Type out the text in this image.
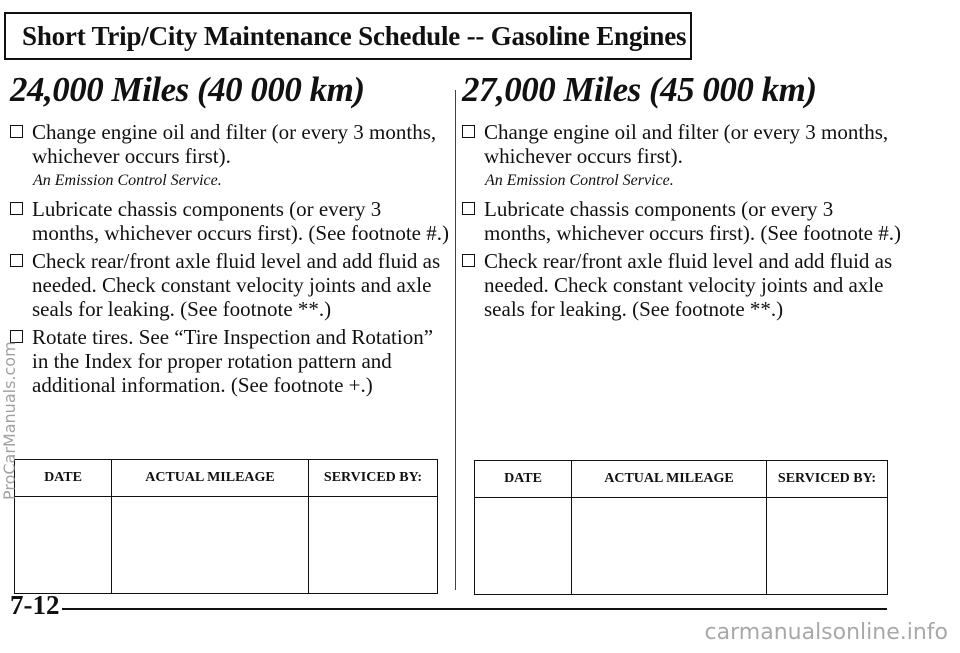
Short Trip/City Maintenance Schedule -- Gasoline Engines
24,000 Miles (40 000 km)
Change engine oil and filter (or every 3 months, whichever occurs first).
An Emission Control Service.
Lubricate chassis components (or every 3 months, whichever occurs first). (See footnote #.)
Check rear/front axle fluid level and add fluid as needed. Check constant velocity joints and axle seals for leaking. (See footnote **.)
Rotate tires. See “Tire Inspection and Rotation” in the Index for proper rotation pattern and additional information. (See footnote +.)
DATE	ACTUAL MILEAGE	SERVICED BY:

27,000 Miles (45 000 km)
Change engine oil and filter (or every 3 months, whichever occurs first).
An Emission Control Service.
Lubricate chassis components (or every 3 months, whichever occurs first). (See footnote #.)
Check rear/front axle fluid level and add fluid as needed. Check constant velocity joints and axle seals for leaking. (See footnote **.)
DATE	ACTUAL MILEAGE	SERVICED BY:

7-12
ProCarManuals.com
carmanualsonline.info
